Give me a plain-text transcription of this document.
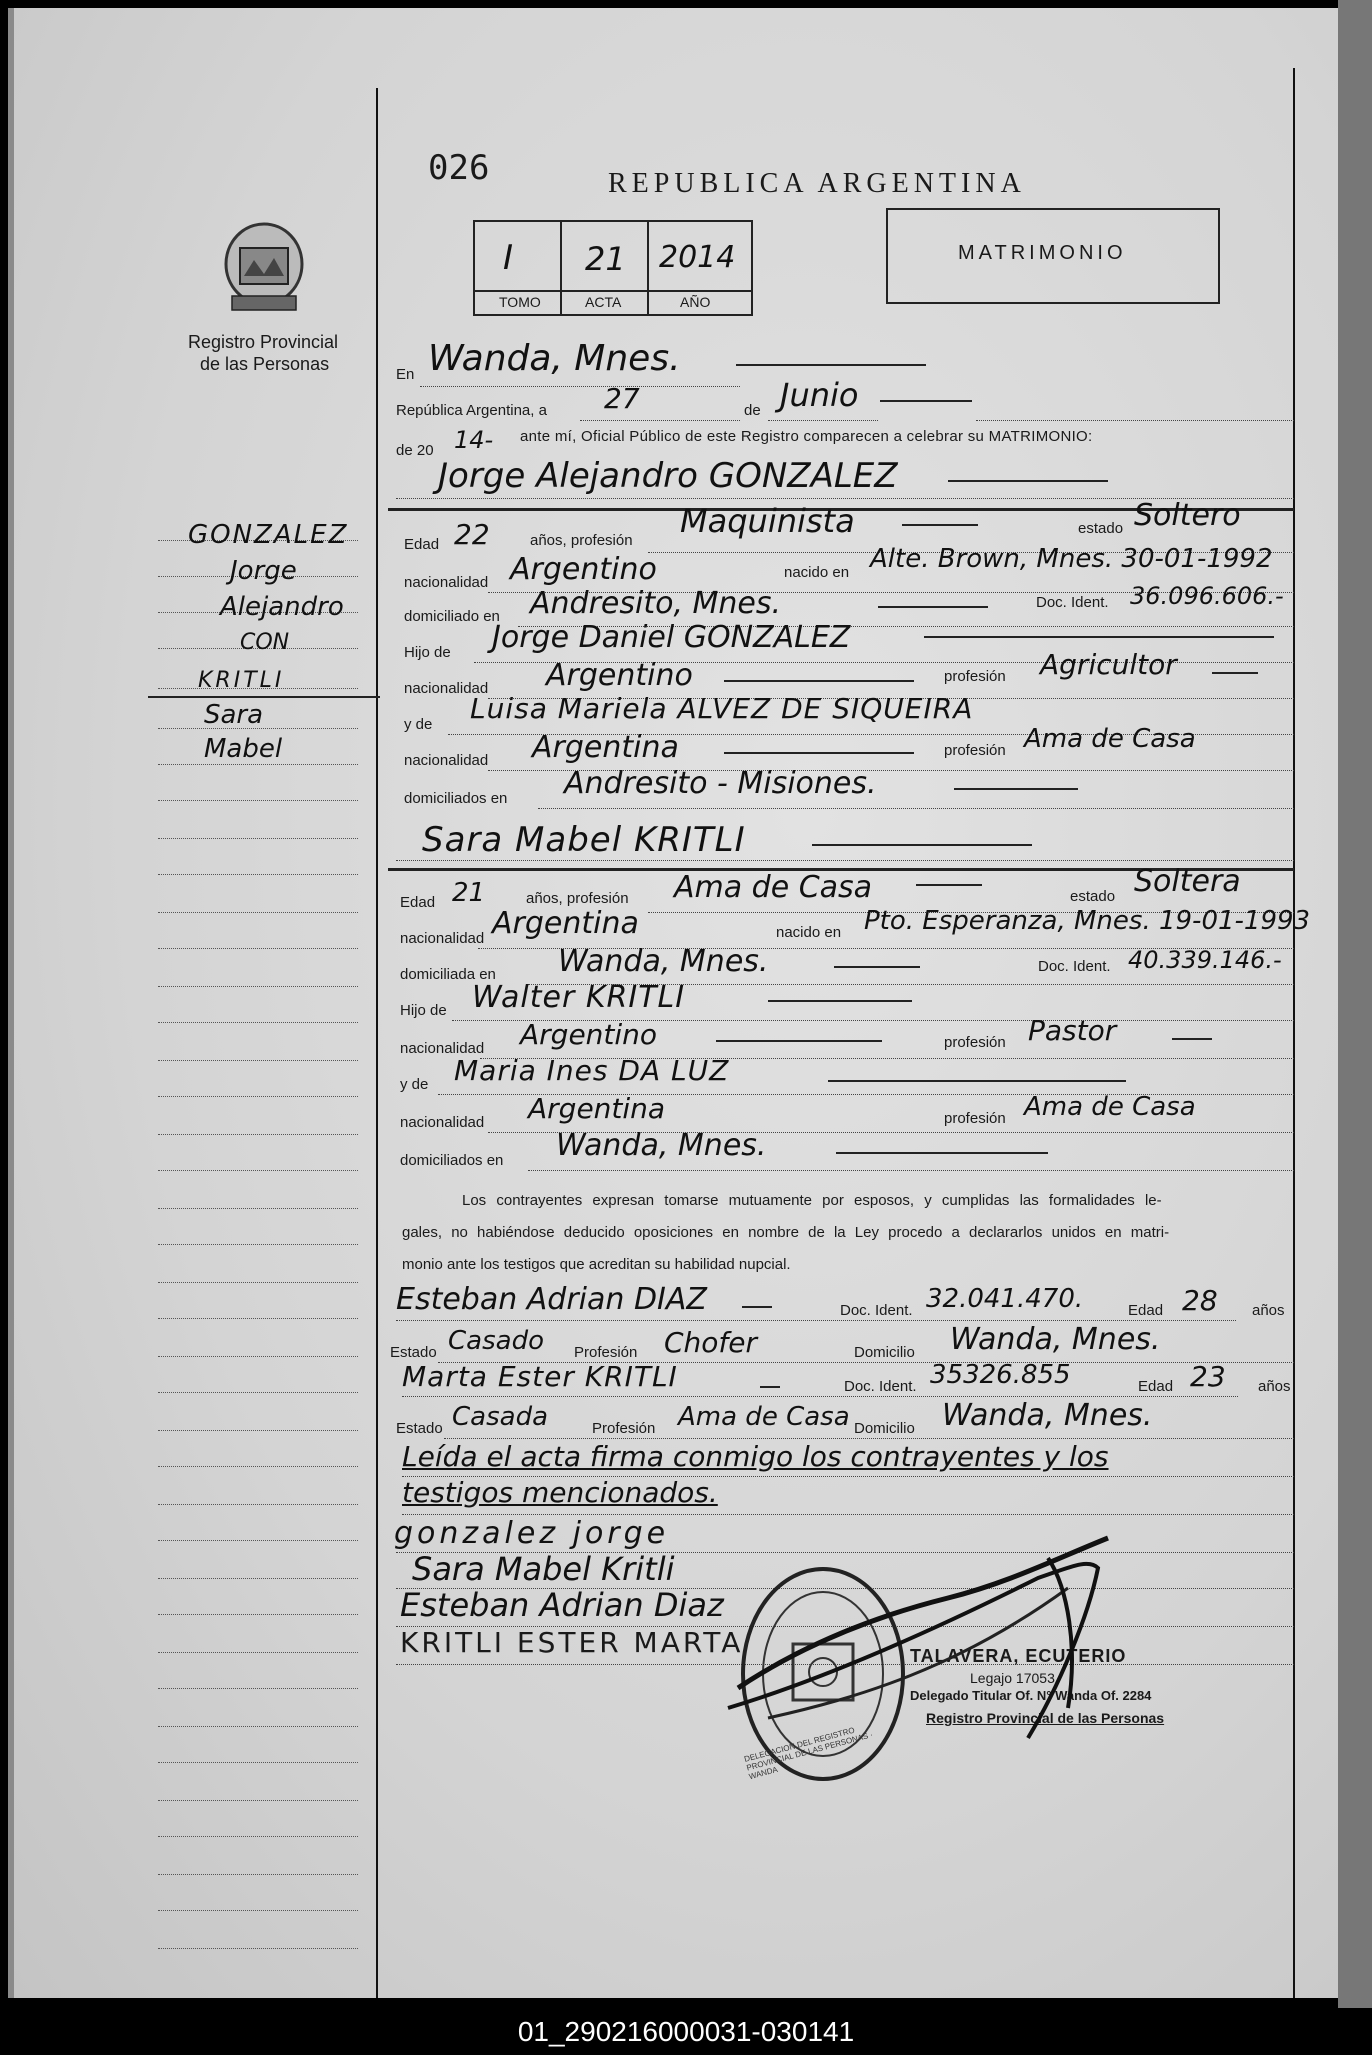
026	REPUBLICA ARGENTINA
I 21 2014
TOMO	ACTA	AÑO
MATRIMONIO
Registro Provincial
de las Personas
GONZALEZ
Jorge
Alejandro
CON
KRITLI
Sara
Mabel
En Wanda, Mnes.
República Argentina, a 27	de Junio
de 20 14- ante mí, Oficial Público de este Registro comparecen a celebrar su MATRIMONIO:
Jorge Alejandro GONZALEZ
Edad 22	años, profesión
Maquinista	estado Soltero
nacionalidad Argentino	nacido en Alte. Brown, Mnes. 30-01-1992
domiciliado en Andresito, Mnes.	Doc. Ident. 36.096.606.-
Hijo de Jorge Daniel GONZALEZ
nacionalidad Argentino	profesión Agricultor
y de Luisa Mariela ALVEZ DE SIQUEIRA
nacionalidad Argentina	profesión Ama de Casa
domiciliados en Andresito - Misiones.
Sara Mabel KRITLI
Edad 21	años, profesión Ama de Casa	estado Soltera
nacionalidad Argentina	nacido en Pto. Esperanza, Mnes. 19-01-1993
domiciliada en Wanda, Mnes.	Doc. Ident. 40.339.146.-
Hijo de Walter KRITLI
nacionalidad Argentino	profesión Pastor
y de Maria Ines DA LUZ
nacionalidad Argentina	profesión Ama de Casa
domiciliados en Wanda, Mnes.
Los contrayentes expresan tomarse mutuamente por esposos, y cumplidas las formalidades le-
gales, no habiéndose deducido oposiciones en nombre de la Ley procedo a declararlos unidos en matri-
monio ante los testigos que acreditan su habilidad nupcial.
Esteban Adrian DIAZ	Doc. Ident. 32.041.470.	Edad 28 años
Estado Casado Profesión Chofer	Domicilio Wanda, Mnes.
Marta Ester KRITLI	Doc. Ident. 35326.855	Edad 23 años
Estado Casada	Profesión Ama de Casa Domicilio Wanda, Mnes.
Leída el acta firma conmigo los contrayentes y los
testigos mencionados.
gonzalez jorge
Sara Mabel Kritli
Esteban Adrian Diaz
KRITLI ESTER MARTA
DELEGACION DEL REGISTRO PROVINCIAL DE LAS PERSONAS · WANDA
TALAVERA, ECUTERIO
Legajo 17053
Delegado Titular Of. N° Wanda Of. 2284
Registro Provincial de las Personas
01_290216000031-030141
